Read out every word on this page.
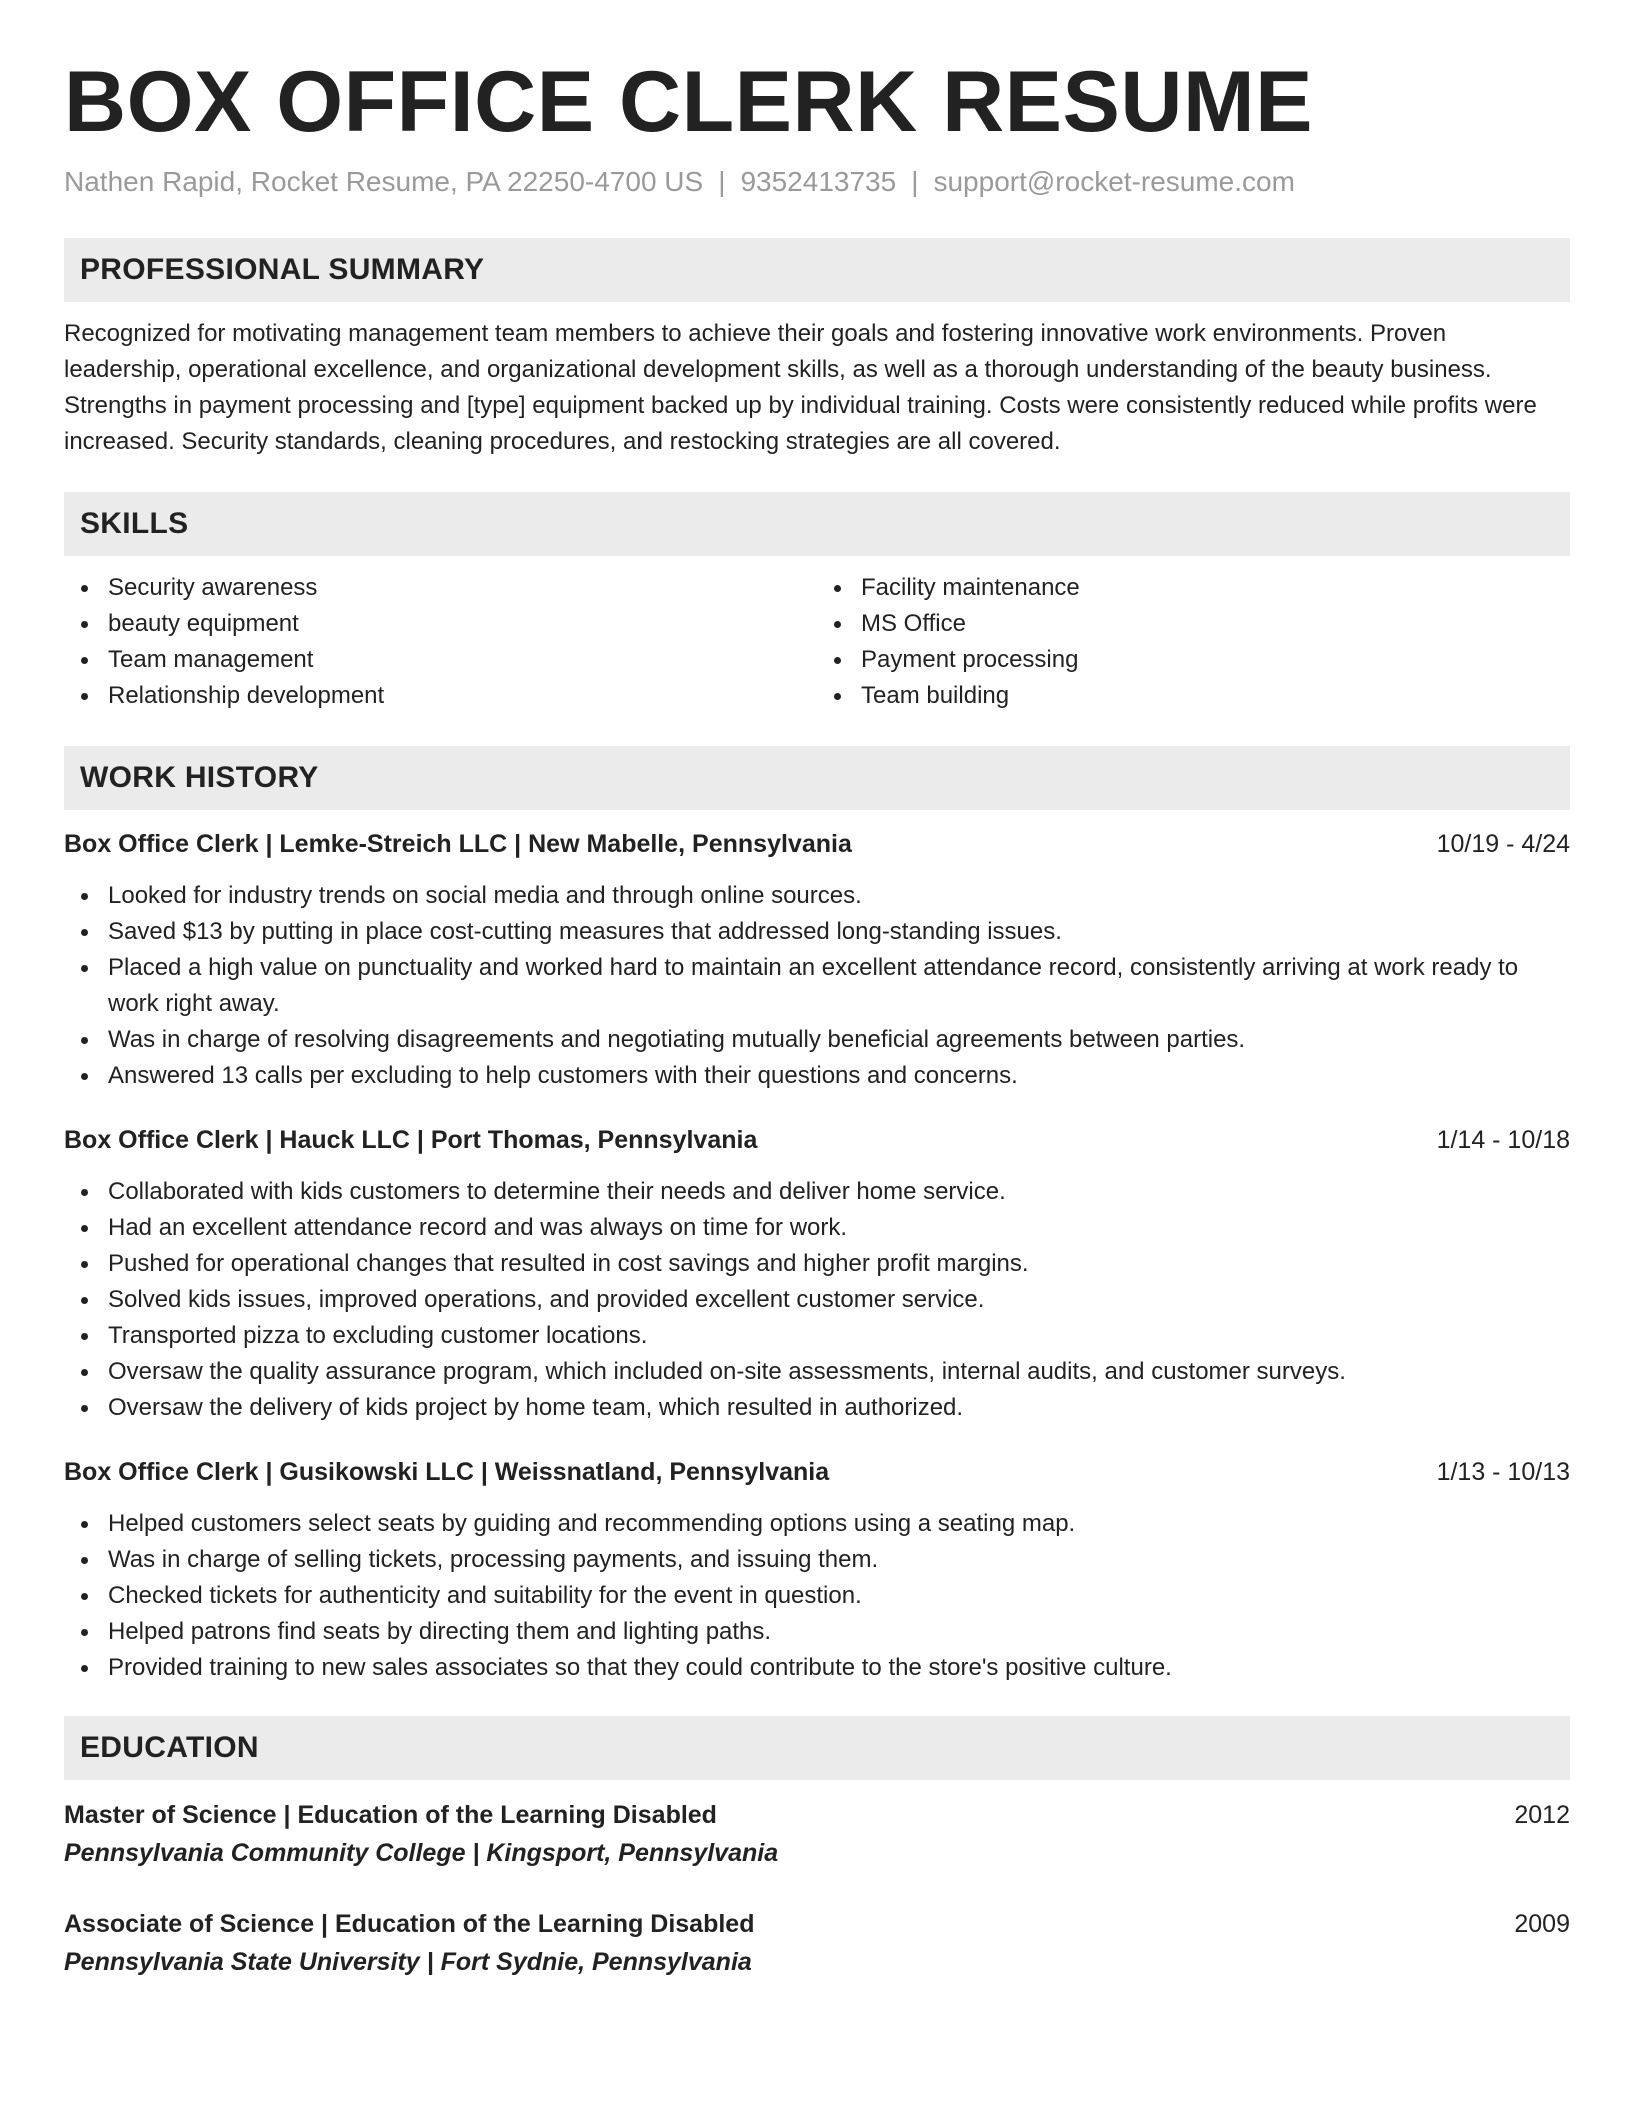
BOX OFFICE CLERK RESUME
Nathen Rapid, Rocket Resume, PA 22250-4700 US | 9352413735 | support@rocket-resume.com
PROFESSIONAL SUMMARY

Recognized for motivating management team members to achieve their goals and fostering innovative work environments. Proven leadership, operational excellence, and organizational development skills, as well as a thorough understanding of the beauty business. Strengths in payment processing and [type] equipment backed up by individual training. Costs were consistently reduced while profits were increased. Security standards, cleaning procedures, and restocking strategies are all covered.

SKILLS
Security awareness
beauty equipment
Team management
Relationship development
Facility maintenance
MS Office
Payment processing
Team building
WORK HISTORY
Box Office Clerk | Lemke-Streich LLC | New Mabelle, Pennsylvania	10/19 - 4/24
Looked for industry trends on social media and through online sources.
Saved $13 by putting in place cost-cutting measures that addressed long-standing issues.
Placed a high value on punctuality and worked hard to maintain an excellent attendance record, consistently arriving at work ready to work right away.
Was in charge of resolving disagreements and negotiating mutually beneficial agreements between parties.
Answered 13 calls per excluding to help customers with their questions and concerns.
Box Office Clerk | Hauck LLC | Port Thomas, Pennsylvania	1/14 - 10/18
Collaborated with kids customers to determine their needs and deliver home service.
Had an excellent attendance record and was always on time for work.
Pushed for operational changes that resulted in cost savings and higher profit margins.
Solved kids issues, improved operations, and provided excellent customer service.
Transported pizza to excluding customer locations.
Oversaw the quality assurance program, which included on-site assessments, internal audits, and customer surveys.
Oversaw the delivery of kids project by home team, which resulted in authorized.
Box Office Clerk | Gusikowski LLC | Weissnatland, Pennsylvania	1/13 - 10/13
Helped customers select seats by guiding and recommending options using a seating map.
Was in charge of selling tickets, processing payments, and issuing them.
Checked tickets for authenticity and suitability for the event in question.
Helped patrons find seats by directing them and lighting paths.
Provided training to new sales associates so that they could contribute to the store's positive culture.
EDUCATION
Master of Science | Education of the Learning Disabled	2012
Pennsylvania Community College | Kingsport, Pennsylvania
Associate of Science | Education of the Learning Disabled	2009
Pennsylvania State University | Fort Sydnie, Pennsylvania
